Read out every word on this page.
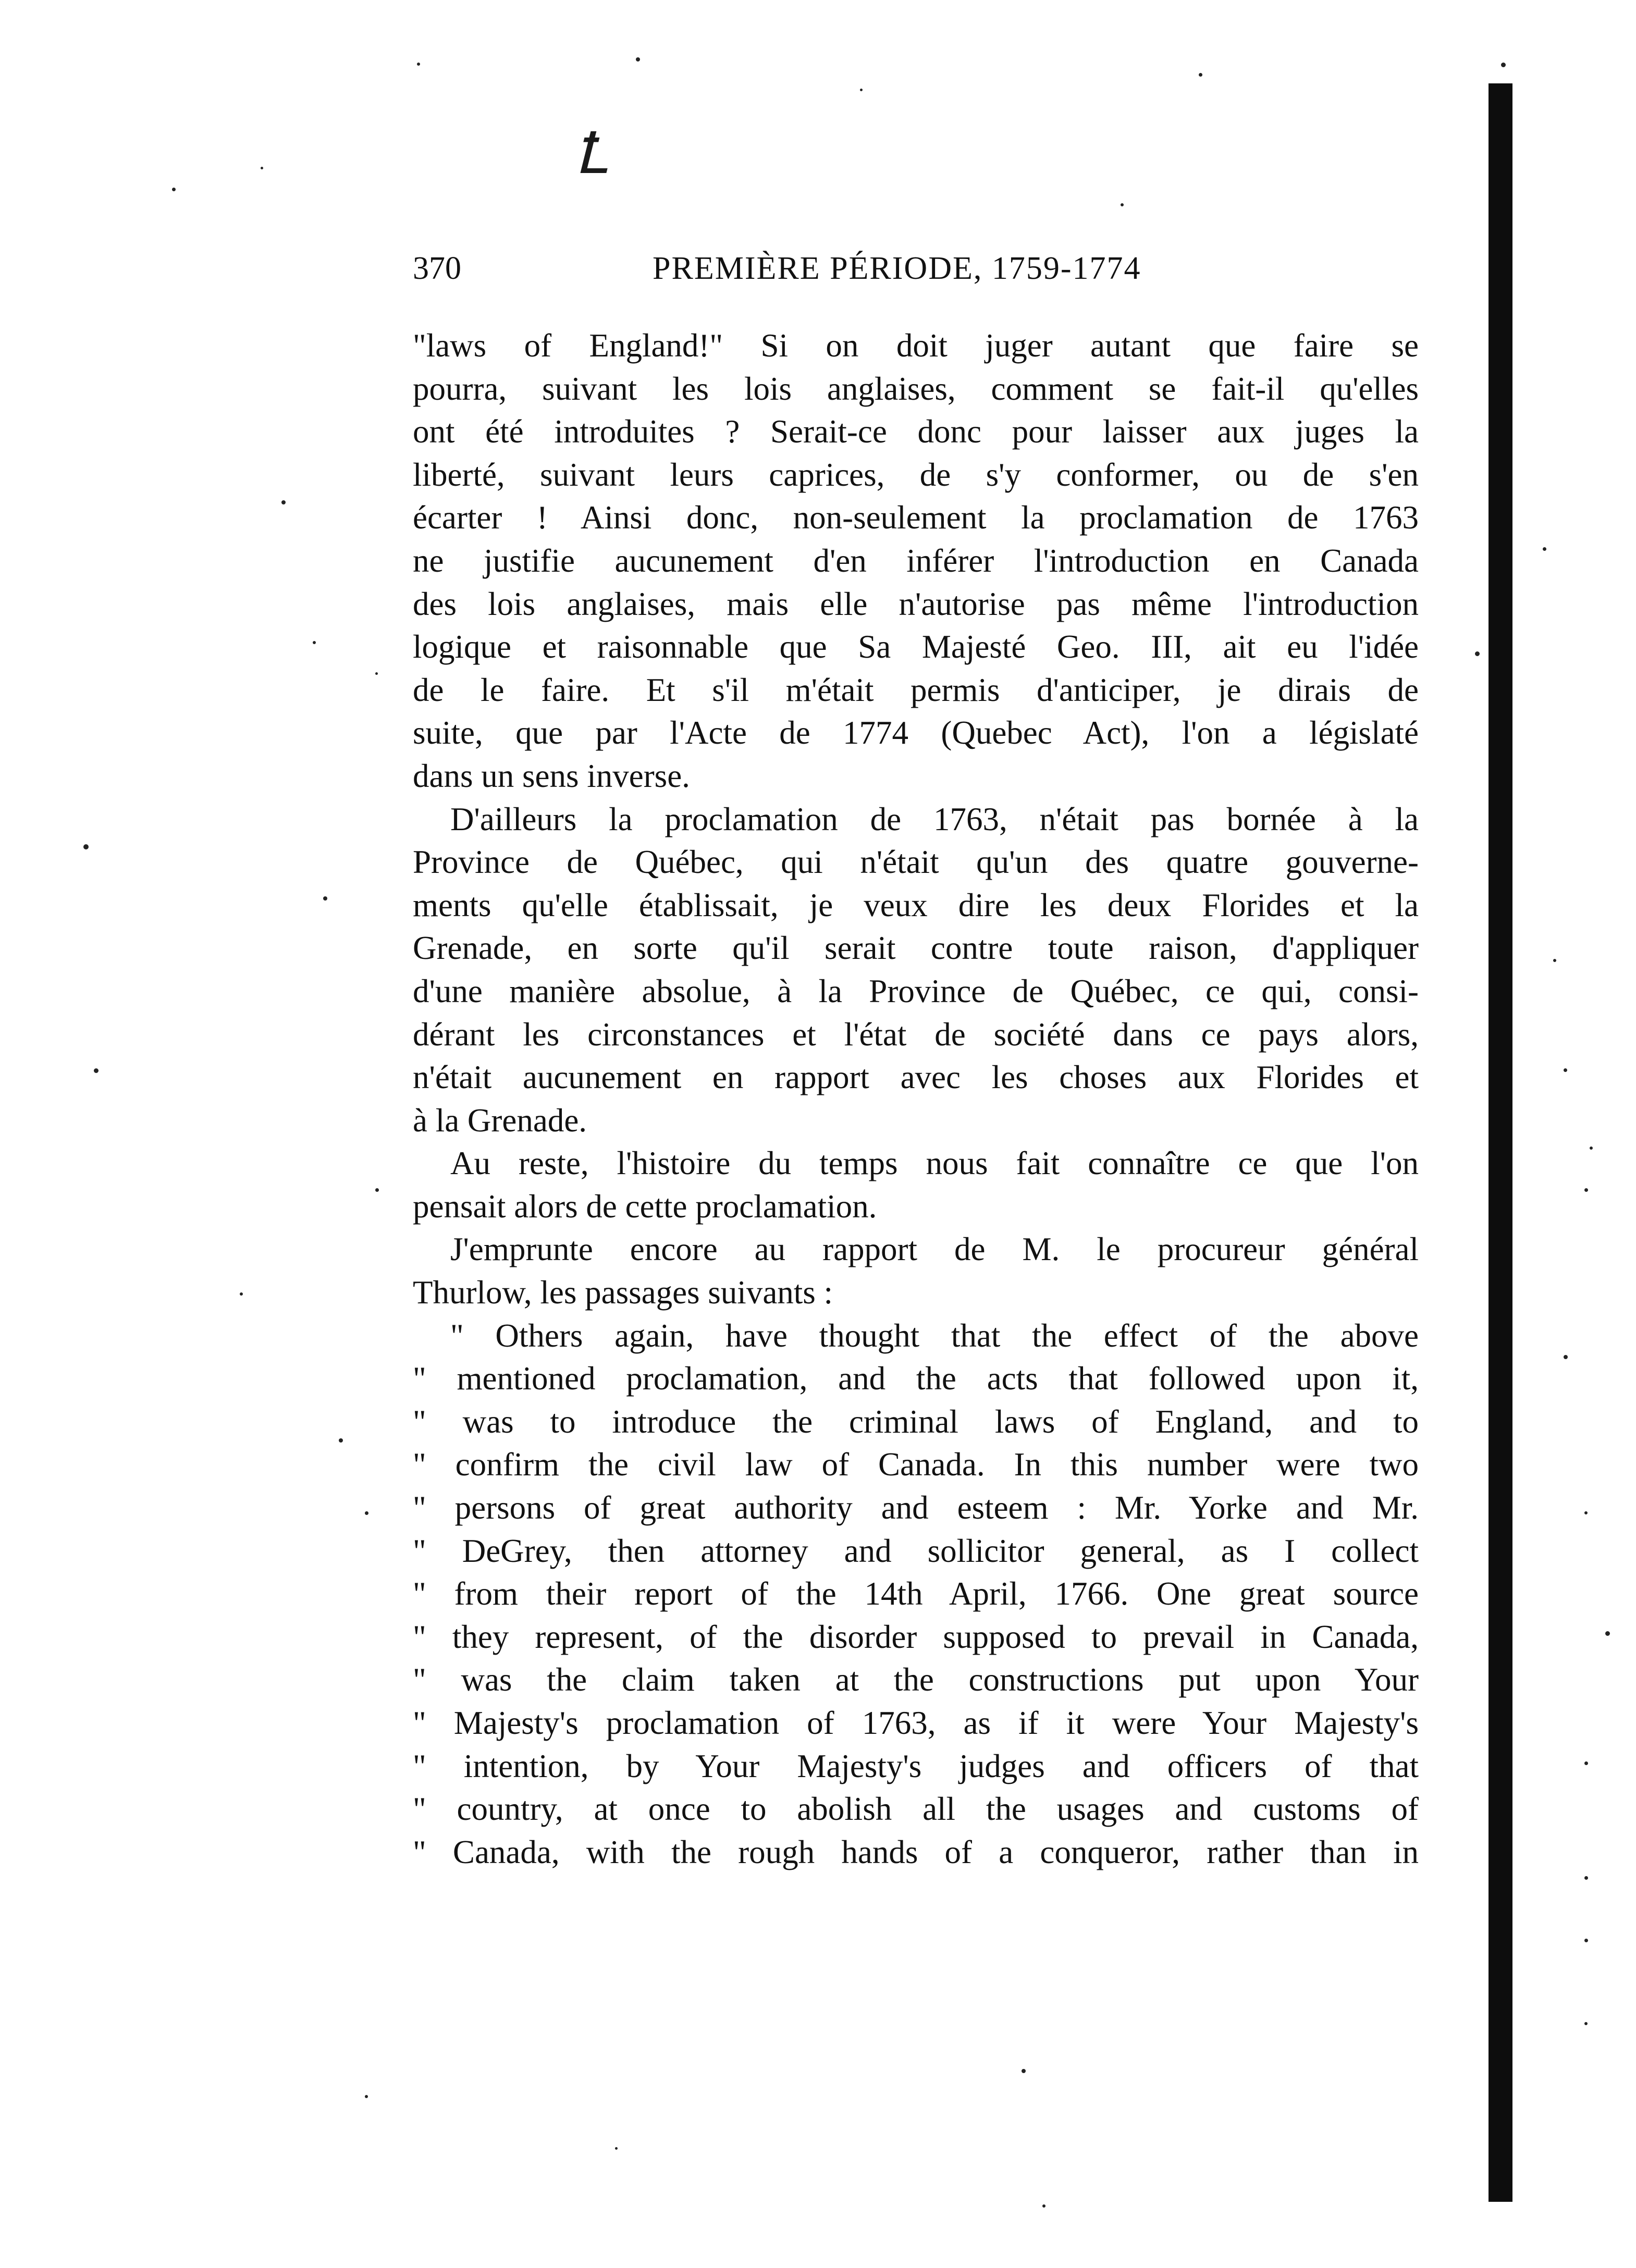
Ꝉ
370	PREMIÈRE PÉRIODE, 1759-1774
"laws of England!" Si on doit juger autant que faire se
pourra, suivant les lois anglaises, comment se fait-il qu'elles
ont été introduites ? Serait-ce donc pour laisser aux juges la
liberté, suivant leurs caprices, de s'y conformer, ou de s'en
écarter ! Ainsi donc, non-seulement la proclamation de 1763
ne justifie aucunement d'en inférer l'introduction en Canada
des lois anglaises, mais elle n'autorise pas même l'introduction
logique et raisonnable que Sa Majesté Geo. III, ait eu l'idée
de le faire. Et s'il m'était permis d'anticiper, je dirais de
suite, que par l'Acte de 1774 (Quebec Act), l'on a législaté
dans un sens inverse.
D'ailleurs la proclamation de 1763, n'était pas bornée à la
Province de Québec, qui n'était qu'un des quatre gouverne-
ments qu'elle établissait, je veux dire les deux Florides et la
Grenade, en sorte qu'il serait contre toute raison, d'appliquer
d'une manière absolue, à la Province de Québec, ce qui, consi-
dérant les circonstances et l'état de société dans ce pays alors,
n'était aucunement en rapport avec les choses aux Florides et
à la Grenade.
Au reste, l'histoire du temps nous fait connaître ce que l'on
pensait alors de cette proclamation.
J'emprunte encore au rapport de M. le procureur général
Thurlow, les passages suivants :
" Others again, have thought that the effect of the above
" mentioned proclamation, and the acts that followed upon it,
" was to introduce the criminal laws of England, and to
" confirm the civil law of Canada. In this number were two
" persons of great authority and esteem : Mr. Yorke and Mr.
" DeGrey, then attorney and sollicitor general, as I collect
" from their report of the 14th April, 1766. One great source
" they represent, of the disorder supposed to prevail in Canada,
" was the claim taken at the constructions put upon Your
" Majesty's proclamation of 1763, as if it were Your Majesty's
" intention, by Your Majesty's judges and officers of that
" country, at once to abolish all the usages and customs of
" Canada, with the rough hands of a conqueror, rather than in
